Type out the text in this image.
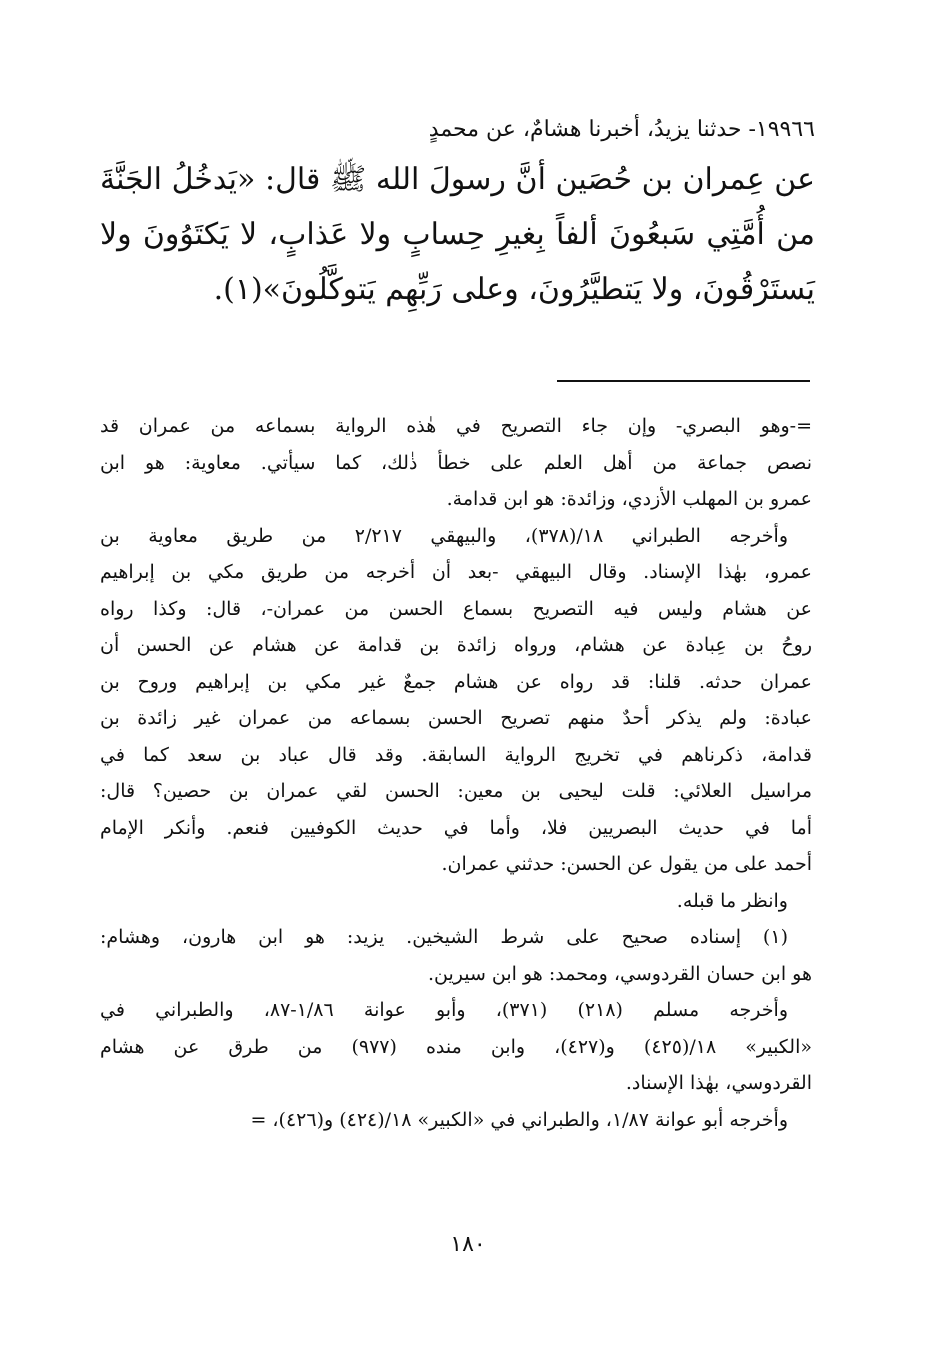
١٩٩٦٦- حدثنا يزيدُ، أخبرنا هشامٌ، عن محمدٍ

عن عِمران بن حُصَين أنَّ رسولَ الله ﷺ قال: «يَدخُلُ الجَنَّةَ
من أُمَّتِي سَبعُونَ ألفاً بِغيرِ حِسابٍ ولا عَذابٍ، لا يَكتَوُونَ ولا
يَستَرْقُونَ، ولا يَتطيَّرُونَ، وعلى رَبِّهِم يَتوكَّلُونَ»(١).

=-وهو البصري- وإن جاء التصريح في هٰذه الرواية بسماعه من عمران قد
نصص جماعة من أهل العلم على خطأ ذٰلك، كما سيأتي. معاوية: هو ابن
عمرو بن المهلب الأزدي، وزائدة: هو ابن قدامة.

وأخرجه الطبراني ١٨/(٣٧٨)، والبيهقي ٢/٢١٧ من طريق معاوية بن
عمرو، بهٰذا الإسناد. وقال البيهقي -بعد أن أخرجه من طريق مكي بن إبراهيم
عن هشام وليس فيه التصريح بسماع الحسن من عمران-، قال: وكذا رواه
روحُ بن عِبادة عن هشام، ورواه زائدة بن قدامة عن هشام عن الحسن أن
عمران حدثه. قلنا: قد رواه عن هشام جمعٌ غير مكي بن إبراهيم وروح بن
عبادة: ولم يذكر أحدٌ منهم تصريح الحسن بسماعه من عمران غير زائدة بن
قدامة، ذكرناهم في تخريج الرواية السابقة. وقد قال عباد بن سعد كما في
مراسيل العلائي: قلت ليحيى بن معين: الحسن لقي عمران بن حصين؟ قال:
أما في حديث البصريين فلا، وأما في حديث الكوفيين فنعم. وأنكر الإمام
أحمد على من يقول عن الحسن: حدثني عمران.

وانظر ما قبله.

(١) إسناده صحيح على شرط الشيخين. يزيد: هو ابن هارون، وهشام:
هو ابن حسان القردوسي، ومحمد: هو ابن سيرين.

وأخرجه مسلم (٢١٨) (٣٧١)، وأبو عوانة ١/٨٦-٨٧، والطبراني في
«الكبير» ١٨/(٤٢٥) و(٤٢٧)، وابن منده (٩٧٧) من طرق عن هشام
القردوسي، بهٰذا الإسناد.

وأخرجه أبو عوانة ١/٨٧، والطبراني في «الكبير» ١٨/(٤٢٤) و(٤٢٦)، =

١٨٠
